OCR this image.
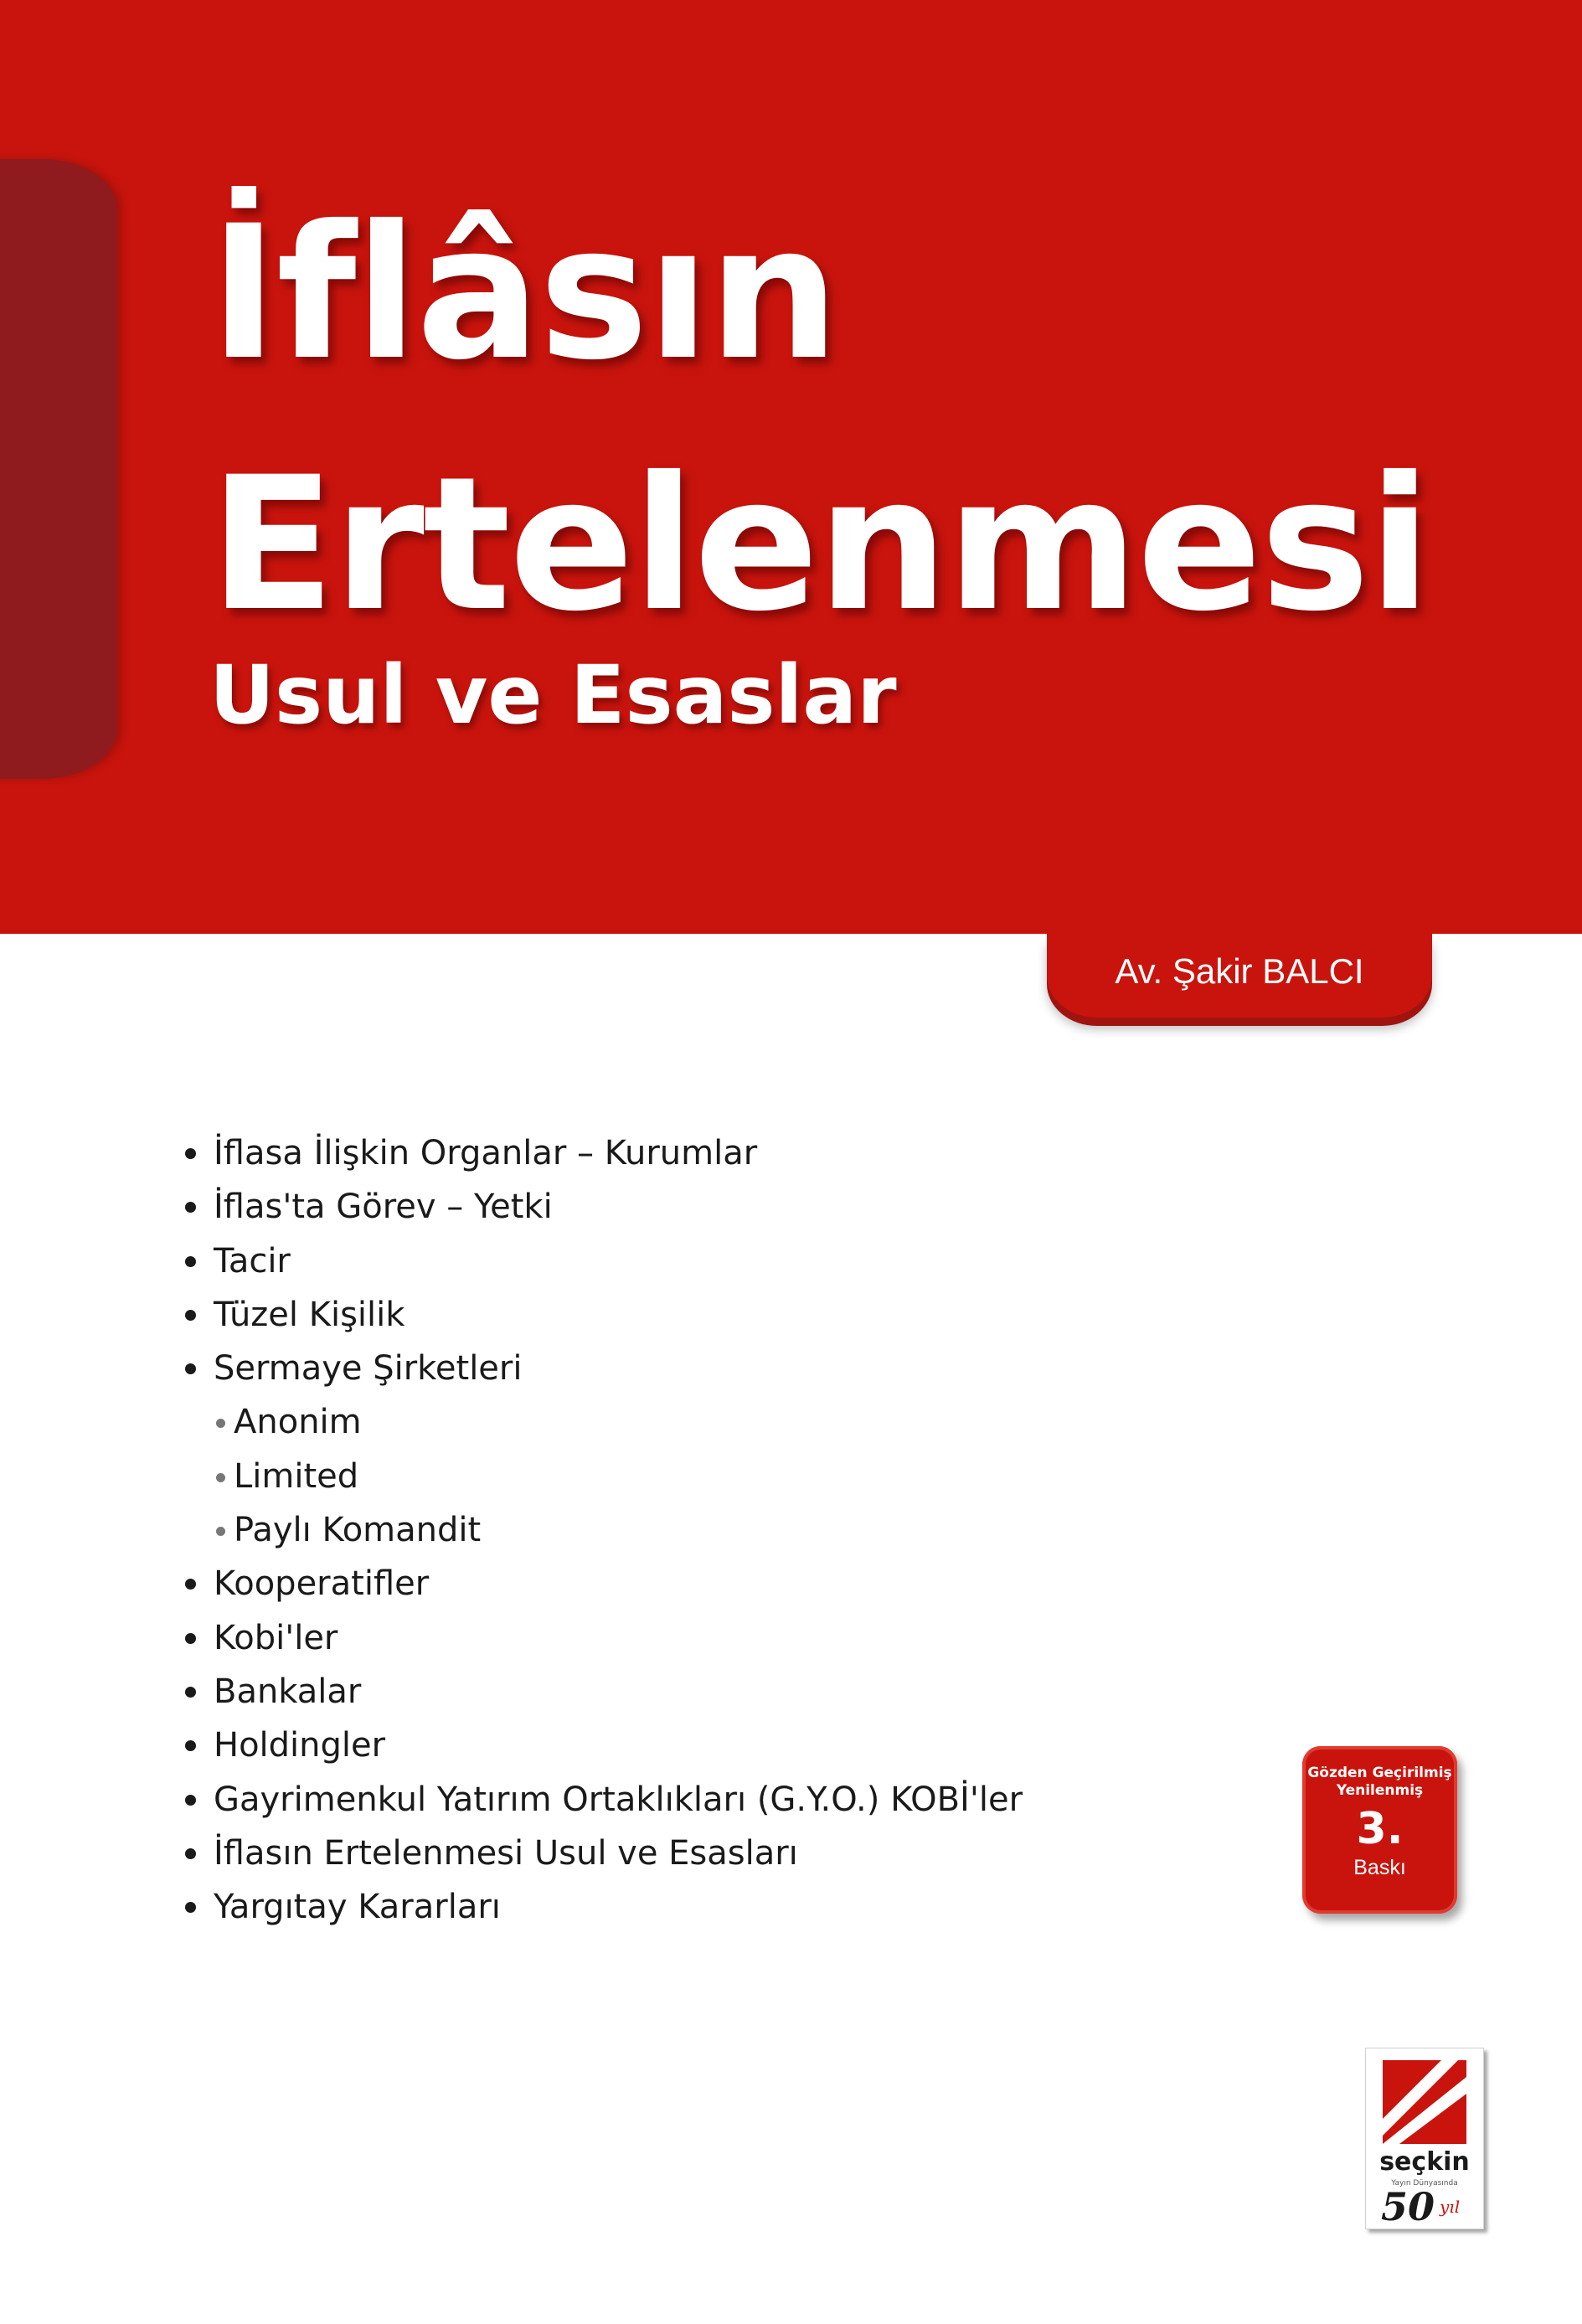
İflâsın
Ertelenmesi
Usul ve Esaslar
Av. Şakir BALCI
İflasa İlişkin Organlar – Kurumlar
İflas'ta Görev – Yetki
Tacir
Tüzel Kişilik
Sermaye Şirketleri
Anonim
Limited
Paylı Komandit
Kooperatifler
Kobi'ler
Bankalar
Holdingler
Gayrimenkul Yatırım Ortaklıkları (G.Y.O.) KOBİ'ler
İflasın Ertelenmesi Usul ve Esasları
Yargıtay Kararları
Gözden Geçirilmiş
Yenilenmiş
3.
Baskı
seçkin
Yayın Dünyasında
50 yıl
